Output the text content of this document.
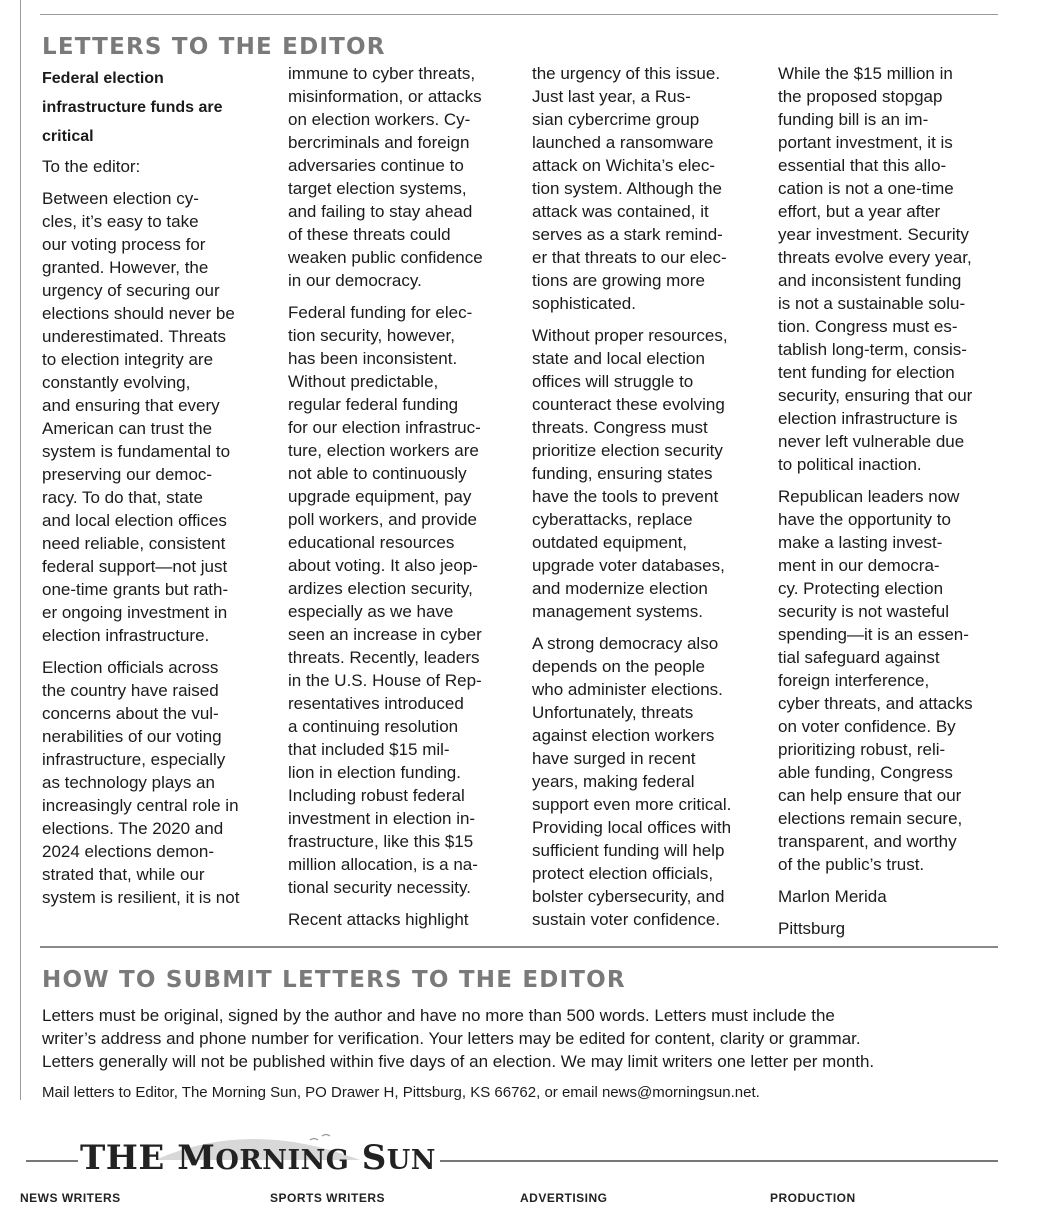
LETTERS TO THE EDITOR
Federal election
infrastructure funds are
critical

To the editor:

Between election cy-
cles, it’s easy to take
our voting process for
granted. However, the
urgency of securing our
elections should never be
underestimated. Threats
to election integrity are
constantly evolving,
and ensuring that every
American can trust the
system is fundamental to
preserving our democ-
racy. To do that, state
and local election offices
need reliable, consistent
federal support—not just
one-time grants but rath-
er ongoing investment in
election infrastructure.

Election officials across
the country have raised
concerns about the vul-
nerabilities of our voting
infrastructure, especially
as technology plays an
increasingly central role in
elections. The 2020 and
2024 elections demon-
strated that, while our
system is resilient, it is not

immune to cyber threats,
misinformation, or attacks
on election workers. Cy-
bercriminals and foreign
adversaries continue to
target election systems,
and failing to stay ahead
of these threats could
weaken public confidence
in our democracy.

Federal funding for elec-
tion security, however,
has been inconsistent.
Without predictable,
regular federal funding
for our election infrastruc-
ture, election workers are
not able to continuously
upgrade equipment, pay
poll workers, and provide
educational resources
about voting. It also jeop-
ardizes election security,
especially as we have
seen an increase in cyber
threats. Recently, leaders
in the U.S. House of Rep-
resentatives introduced
a continuing resolution
that included $15 mil-
lion in election funding.
Including robust federal
investment in election in-
frastructure, like this $15
million allocation, is a na-
tional security necessity.

Recent attacks highlight

the urgency of this issue.
Just last year, a Rus-
sian cybercrime group
launched a ransomware
attack on Wichita’s elec-
tion system. Although the
attack was contained, it
serves as a stark remind-
er that threats to our elec-
tions are growing more
sophisticated.

Without proper resources,
state and local election
offices will struggle to
counteract these evolving
threats. Congress must
prioritize election security
funding, ensuring states
have the tools to prevent
cyberattacks, replace
outdated equipment,
upgrade voter databases,
and modernize election
management systems.

A strong democracy also
depends on the people
who administer elections.
Unfortunately, threats
against election workers
have surged in recent
years, making federal
support even more critical.
Providing local offices with
sufficient funding will help
protect election officials,
bolster cybersecurity, and
sustain voter confidence.

While the $15 million in
the proposed stopgap
funding bill is an im-
portant investment, it is
essential that this allo-
cation is not a one-time
effort, but a year after
year investment. Security
threats evolve every year,
and inconsistent funding
is not a sustainable solu-
tion. Congress must es-
tablish long-term, consis-
tent funding for election
security, ensuring that our
election infrastructure is
never left vulnerable due
to political inaction.

Republican leaders now
have the opportunity to
make a lasting invest-
ment in our democra-
cy. Protecting election
security is not wasteful
spending—it is an essen-
tial safeguard against
foreign interference,
cyber threats, and attacks
on voter confidence. By
prioritizing robust, reli-
able funding, Congress
can help ensure that our
elections remain secure,
transparent, and worthy
of the public’s trust.

Marlon Merida

Pittsburg

HOW TO SUBMIT LETTERS TO THE EDITOR
Letters must be original, signed by the author and have no more than 500 words. Letters must include the
writer’s address and phone number for verification. Your letters may be edited for content, clarity or grammar.
Letters generally will not be published within five days of an election. We may limit writers one letter per month.
Mail letters to Editor, The Morning Sun, PO Drawer H, Pittsburg, KS 66762, or email news@morningsun.net.
THE MORNING SUN
NEWS WRITERS	SPORTS WRITERS	ADVERTISING	PRODUCTION
